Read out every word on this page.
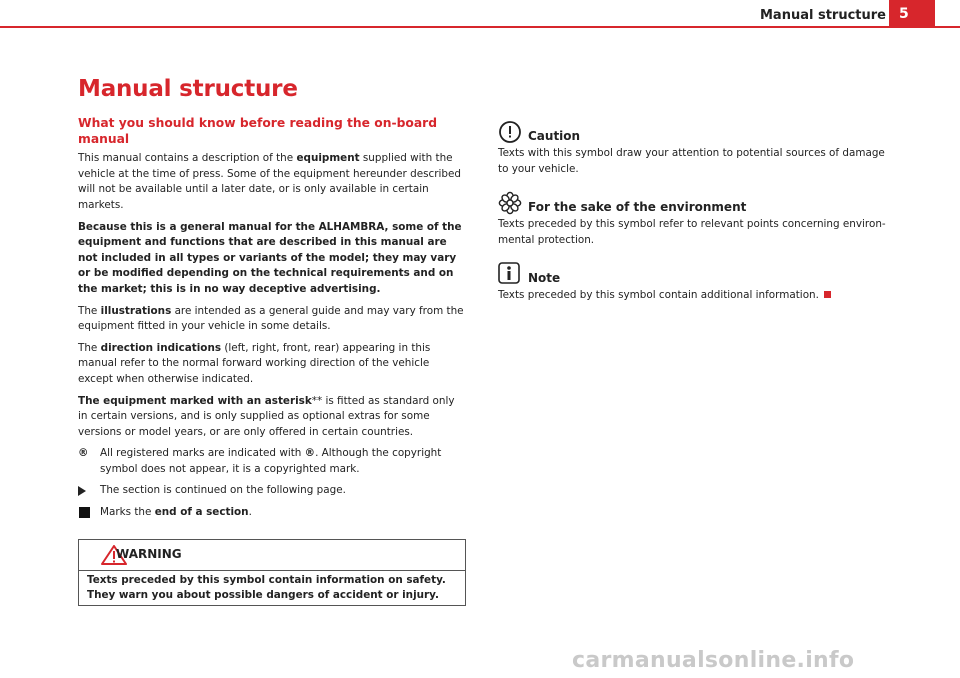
Manual structure 5
Manual structure
What you should know before reading the on-board manual

This manual contains a description of the equipment supplied with the vehicle at the time of press. Some of the equipment hereunder described will not be available until a later date, or is only available in certain markets.

Because this is a general manual for the ALHAMBRA, some of the equipment and functions that are described in this manual are not included in all types or variants of the model; they may vary or be modified depending on the technical requirements and on the market; this is in no way deceptive advertising.

The illustrations are intended as a general guide and may vary from the equipment fitted in your vehicle in some details.

The direction indications (left, right, front, rear) appearing in this manual refer to the normal forward working direction of the vehicle except when otherwise indicated.

The equipment marked with an asterisk** is fitted as standard only in certain versions, and is only supplied as optional extras for some versions or model years, or are only offered in certain countries.

® All registered marks are indicated with ®. Although the copyright symbol does not appear, it is a copyrighted mark.
The section is continued on the following page.
Marks the end of a section.
WARNING
Texts preceded by this symbol contain information on safety. They warn you about possible dangers of accident or injury.
Caution
Texts with this symbol draw your attention to potential sources of damage to your vehicle.
For the sake of the environment
Texts preceded by this symbol refer to relevant points concerning environmental protection.
Note
Texts preceded by this symbol contain additional information.
carmanualsonline.info
